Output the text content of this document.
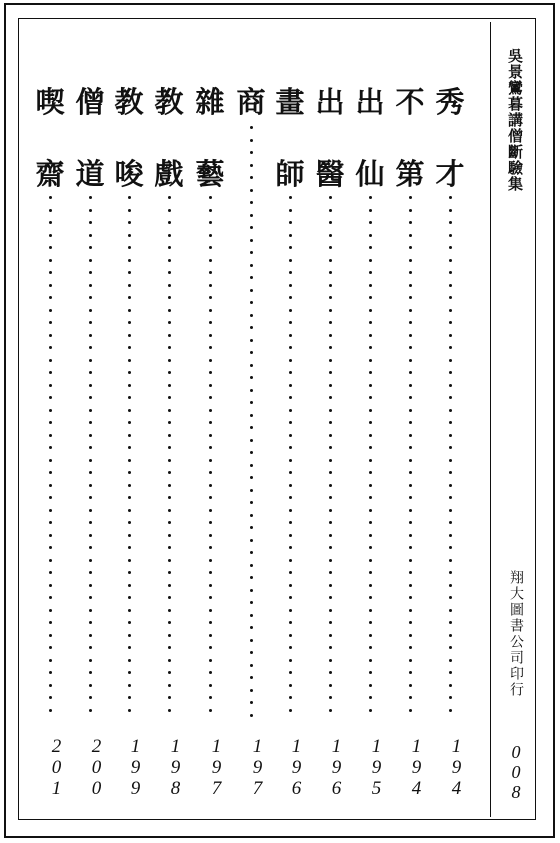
秀
才
194
不
第
194
出
仙
195
出
醫
196
畫
師
196
商
197
雜
藝
197
教
戲
198
教
唆
199
僧
道
200
喫
齋
201
吳景鸞暮講僧斷驗集
翔大圖書公司印行
008
